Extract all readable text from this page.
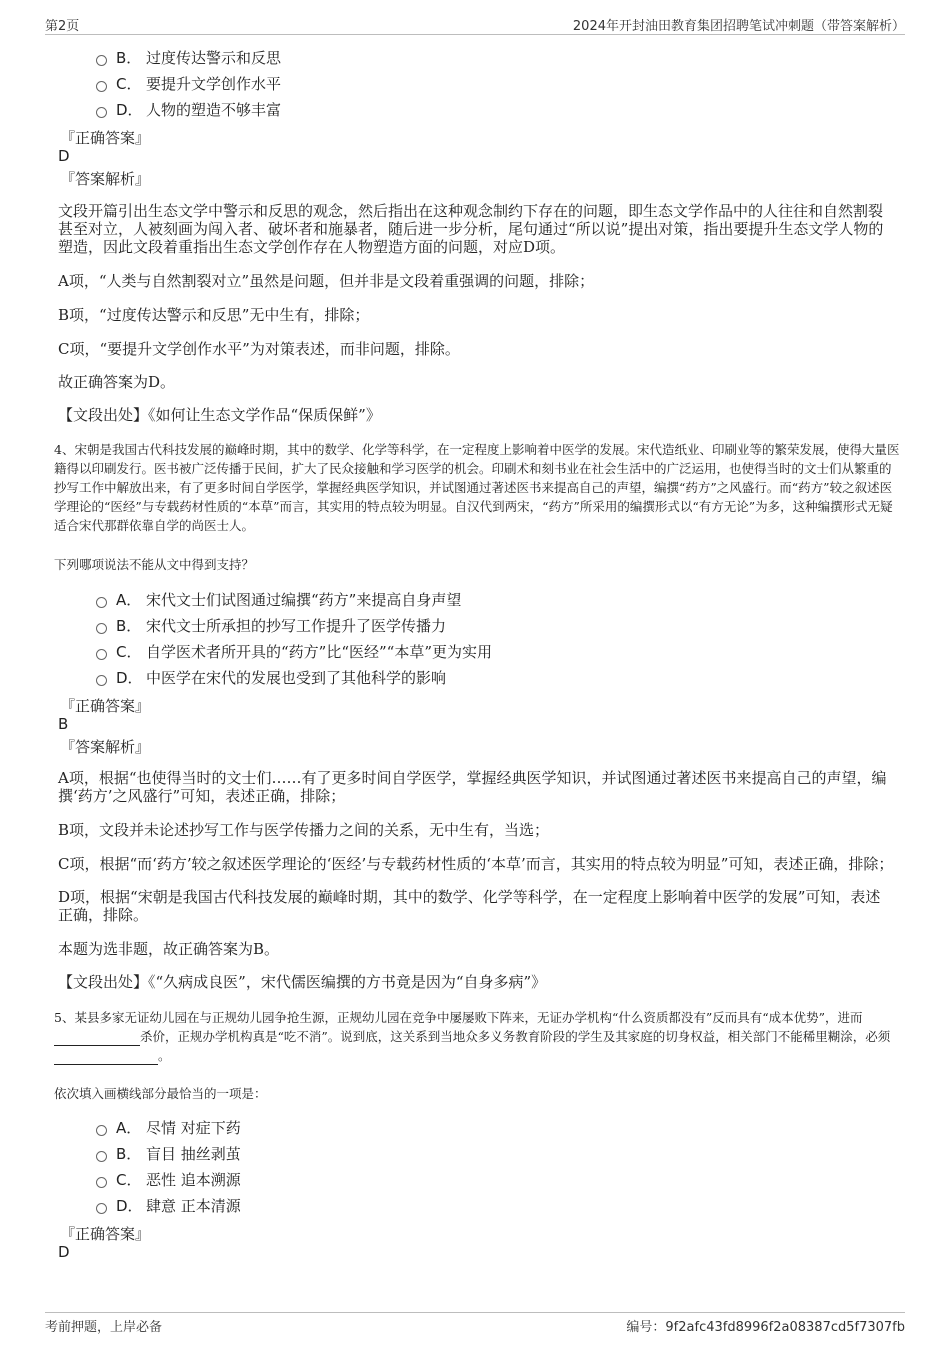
第2页	2024年开封油田教育集团招聘笔试冲刺题（带答案解析）
B． 过度传达警示和反思
C． 要提升文学创作水平
D． 人物的塑造不够丰富
『正确答案』
D
『答案解析』
文段开篇引出生态文学中警示和反思的观念，然后指出在这种观念制约下存在的问题，即生态文学作品中的人往往和自然割裂甚至对立，人被刻画为闯入者、破坏者和施暴者，随后进一步分析，尾句通过“所以说”提出对策，指出要提升生态文学人物的塑造，因此文段着重指出生态文学创作存在人物塑造方面的问题，对应D项。
A项，“人类与自然割裂对立”虽然是问题，但并非是文段着重强调的问题，排除；
B项，“过度传达警示和反思”无中生有，排除；
C项，“要提升文学创作水平”为对策表述，而非问题，排除。
故正确答案为D。
【文段出处】《如何让生态文学作品“保质保鲜”》
4、宋朝是我国古代科技发展的巅峰时期，其中的数学、化学等科学，在一定程度上影响着中医学的发展。宋代造纸业、印刷业等的繁荣发展，使得大量医籍得以印刷发行。医书被广泛传播于民间，扩大了民众接触和学习医学的机会。印刷术和刻书业在社会生活中的广泛运用，也使得当时的文士们从繁重的抄写工作中解放出来，有了更多时间自学医学，掌握经典医学知识，并试图通过著述医书来提高自己的声望，编撰“药方”之风盛行。而“药方”较之叙述医学理论的“医经”与专载药材性质的“本草”而言，其实用的特点较为明显。自汉代到两宋，“药方”所采用的编撰形式以“有方无论”为多，这种编撰形式无疑适合宋代那群依靠自学的尚医士人。
下列哪项说法不能从文中得到支持？
A． 宋代文士们试图通过编撰“药方”来提高自身声望
B． 宋代文士所承担的抄写工作提升了医学传播力
C． 自学医术者所开具的“药方”比“医经”“本草”更为实用
D． 中医学在宋代的发展也受到了其他科学的影响
『正确答案』
B
『答案解析』
A项，根据“也使得当时的文士们……有了更多时间自学医学，掌握经典医学知识，并试图通过著述医书来提高自己的声望，编撰‘药方’之风盛行”可知，表述正确，排除；
B项，文段并未论述抄写工作与医学传播力之间的关系，无中生有，当选；
C项，根据“而‘药方’较之叙述医学理论的‘医经’与专载药材性质的‘本草’而言，其实用的特点较为明显”可知，表述正确，排除；
D项，根据“宋朝是我国古代科技发展的巅峰时期，其中的数学、化学等科学，在一定程度上影响着中医学的发展”可知，表述正确，排除。
本题为选非题，故正确答案为B。
【文段出处】《“久病成良医”，宋代儒医编撰的方书竟是因为“自身多病”》
5、某县多家无证幼儿园在与正规幼儿园争抢生源，正规幼儿园在竞争中屡屡败下阵来，无证办学机构“什么资质都没有”反而具有“成本优势”，进而 杀价，正规办学机构真是“吃不消”。说到底，这关系到当地众多义务教育阶段的学生及其家庭的切身权益，相关部门不能稀里糊涂，必须 。
依次填入画横线部分最恰当的一项是：
A． 尽情 对症下药
B． 盲目 抽丝剥茧
C． 恶性 追本溯源
D． 肆意 正本清源
『正确答案』
D
考前押题，上岸必备	编号：9f2afc43fd8996f2a08387cd5f7307fb
